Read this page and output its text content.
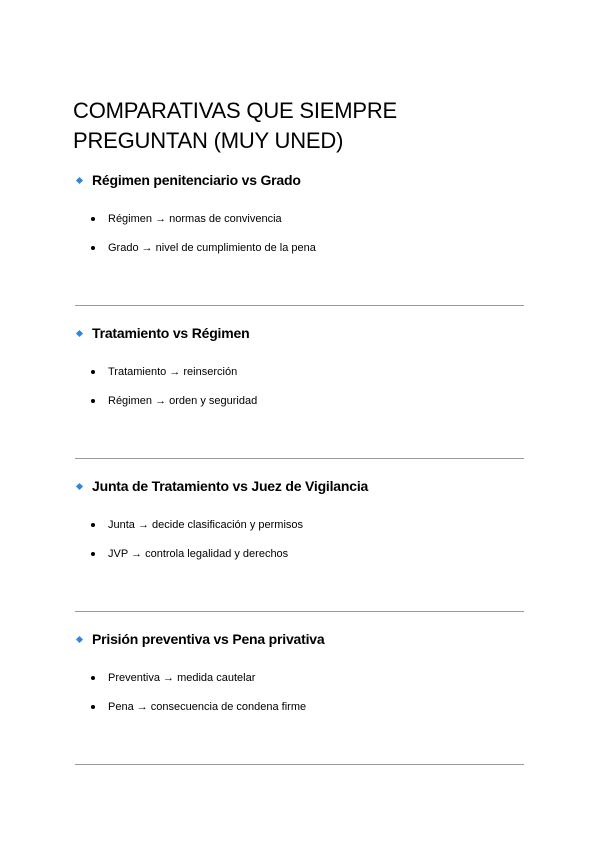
COMPARATIVAS QUE SIEMPRE PREGUNTAN (MUY UNED)
Régimen penitenciario vs Grado
Régimen → normas de convivencia
Grado → nivel de cumplimiento de la pena
Tratamiento vs Régimen
Tratamiento → reinserción
Régimen → orden y seguridad
Junta de Tratamiento vs Juez de Vigilancia
Junta → decide clasificación y permisos
JVP → controla legalidad y derechos
Prisión preventiva vs Pena privativa
Preventiva → medida cautelar
Pena → consecuencia de condena firme
